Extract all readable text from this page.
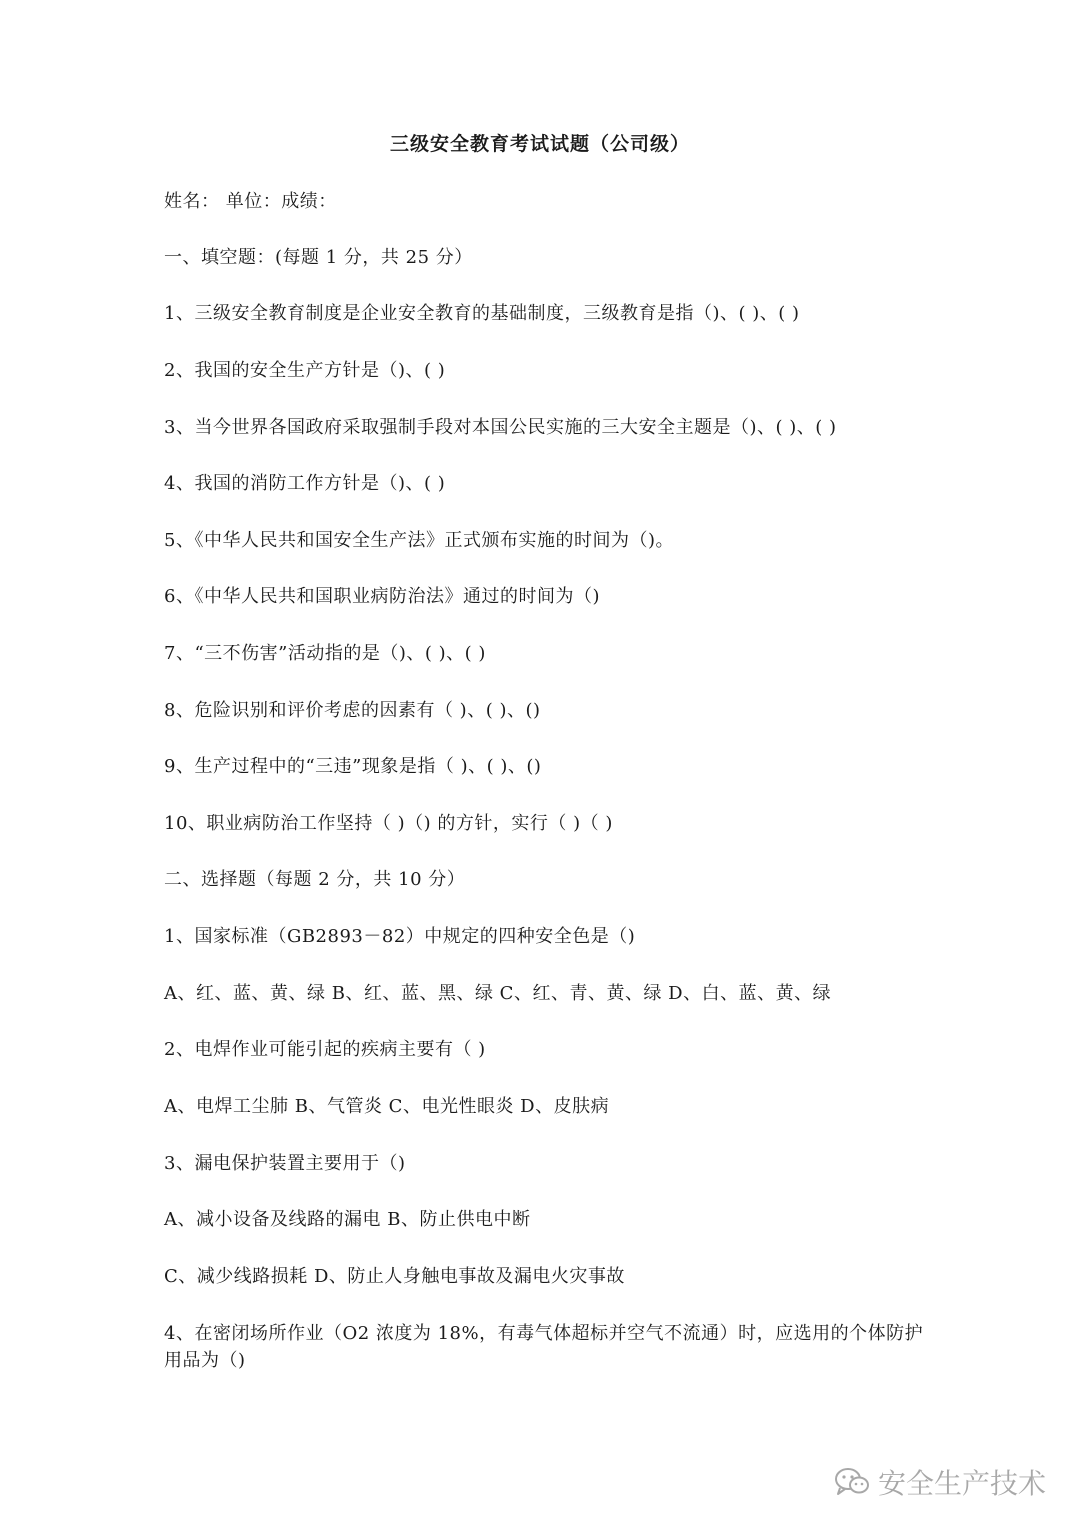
三级安全教育考试试题（公司级）
姓名： 单位：成绩：
一、填空题：(每题 1 分，共 25 分）
1、三级安全教育制度是企业安全教育的基础制度，三级教育是指（)、( )、( )
2、我国的安全生产方针是（)、( )
3、当今世界各国政府采取强制手段对本国公民实施的三大安全主题是（)、( )、( )
4、我国的消防工作方针是（)、( )
5、《中华人民共和国安全生产法》正式颁布实施的时间为（)。
6、《中华人民共和国职业病防治法》通过的时间为（)
7、“三不伤害”活动指的是（)、( )、( )
8、危险识别和评价考虑的因素有（ )、( )、()
9、生产过程中的“三违”现象是指（ )、( )、()
10、职业病防治工作坚持（ )（) 的方针，实行（ )（ )
二、选择题（每题 2 分，共 10 分）
1、国家标准（GB2893－82）中规定的四种安全色是（)
A、红、蓝、黄、绿 B、红、蓝、黑、绿 C、红、青、黄、绿 D、白、蓝、黄、绿
2、电焊作业可能引起的疾病主要有（ )
A、电焊工尘肺 B、气管炎 C、电光性眼炎 D、皮肤病
3、漏电保护装置主要用于（)
A、减小设备及线路的漏电 B、防止供电中断
C、减少线路损耗 D、防止人身触电事故及漏电火灾事故
4、在密闭场所作业（O2 浓度为 18%，有毒气体超标并空气不流通）时，应选用的个体防护用品为（)
安全生产技术
